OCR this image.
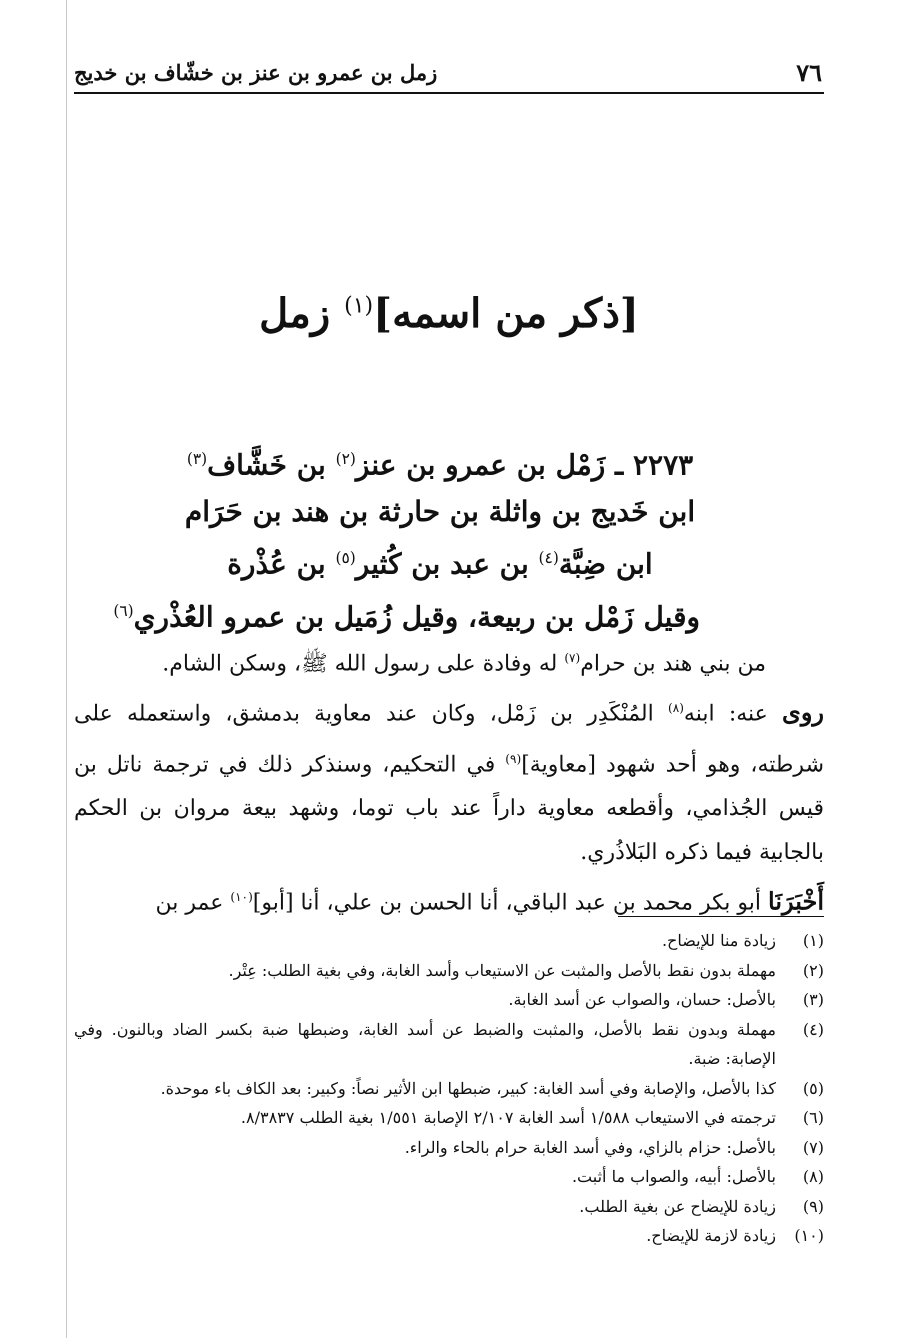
٧٦
زمل بن عمرو بن عنز بن خشّاف بن خديج
[ذكر من اسمه]$^{(١)}$ زمل
٢٢٧٣ ـ زَمْل بن عمرو بن عنز$^{(٢)}$ بن خَشَّاف$^{(٣)}$
ابن خَديج بن واثلة بن حارثة بن هند بن حَرَام
ابن ضِبَّة$^{(٤)}$ بن عبد بن كُثير$^{(٥)}$ بن عُذْرة
وقيل زَمْل بن ربيعة، وقيل زُمَيل بن عمرو العُذْري$^{(٦)}$

من بني هند بن حرام$^{(٧)}$ له وفادة على رسول الله ﷺ، وسكن الشام.

روى عنه: ابنه$^{(٨)}$ المُنْكَدِر بن زَمْل، وكان عند معاوية بدمشق، واستعمله على شرطته، وهو أحد شهود [معاوية]$^{(٩)}$ في التحكيم، وسنذكر ذلك في ترجمة ناتل بن قيس الجُذامي، وأقطعه معاوية داراً عند باب توما، وشهد بيعة مروان بن الحكم بالجابية فيما ذكره البَلاذُري.

أَخْبَرَنَا أبو بكر محمد بن عبد الباقي، أنا الحسن بن علي، أنا [أبو]$^{(١٠)}$ عمر بن

(١)
زيادة منا للإيضاح.
(٢)
مهملة بدون نقط بالأصل والمثبت عن الاستيعاب وأسد الغابة، وفي بغية الطلب: عِتْر.
(٣)
بالأصل: حسان، والصواب عن أسد الغابة.
(٤)
مهملة وبدون نقط بالأصل، والمثبت والضبط عن أسد الغابة، وضبطها ضبة بكسر الضاد وبالنون. وفي الإصابة: ضبة.
(٥)
كذا بالأصل، والإصابة وفي أسد الغابة: كبير، ضبطها ابن الأثير نصاً: وكبير: بعد الكاف باء موحدة.
(٦)
ترجمته في الاستيعاب ١/٥٨٨ أسد الغابة ٢/١٠٧ الإصابة ١/٥٥١ بغية الطلب ٨/٣٨٣٧.
(٧)
بالأصل: حزام بالزاي، وفي أسد الغابة حرام بالحاء والراء.
(٨)
بالأصل: أبيه، والصواب ما أثبت.
(٩)
زيادة للإيضاح عن بغية الطلب.
(١٠)
زيادة لازمة للإيضاح.
